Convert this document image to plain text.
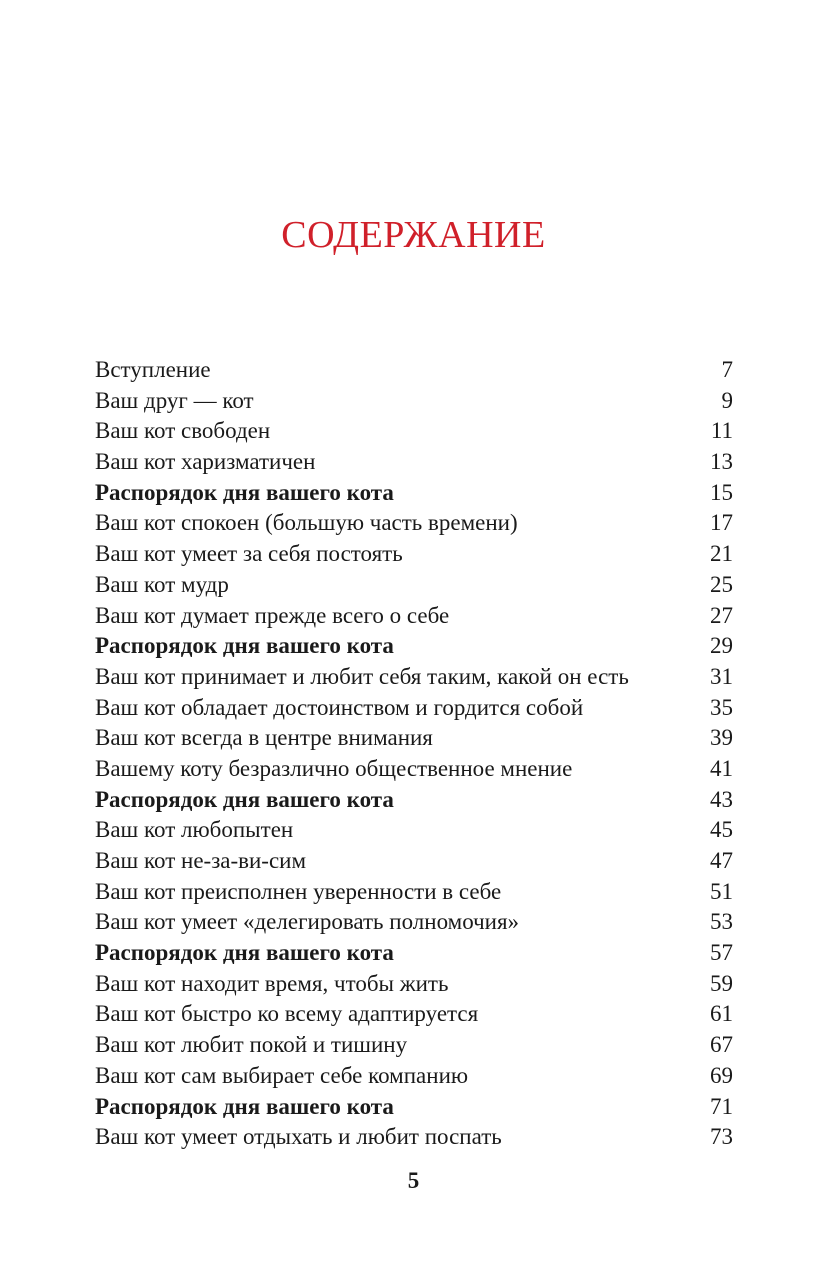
СОДЕРЖАНИЕ
Вступление	7
Ваш друг — кот	9
Ваш кот свободен	11
Ваш кот харизматичен	13
Распорядок дня вашего кота	15
Ваш кот спокоен (большую часть времени)	17
Ваш кот умеет за себя постоять	21
Ваш кот мудр	25
Ваш кот думает прежде всего о себе	27
Распорядок дня вашего кота	29
Ваш кот принимает и любит себя таким, какой он есть	31
Ваш кот обладает достоинством и гордится собой	35
Ваш кот всегда в центре внимания	39
Вашему коту безразлично общественное мнение	41
Распорядок дня вашего кота	43
Ваш кот любопытен	45
Ваш кот не-за-ви-сим	47
Ваш кот преисполнен уверенности в себе	51
Ваш кот умеет «делегировать полномочия»	53
Распорядок дня вашего кота	57
Ваш кот находит время, чтобы жить	59
Ваш кот быстро ко всему адаптируется	61
Ваш кот любит покой и тишину	67
Ваш кот сам выбирает себе компанию	69
Распорядок дня вашего кота	71
Ваш кот умеет отдыхать и любит поспать	73
5
